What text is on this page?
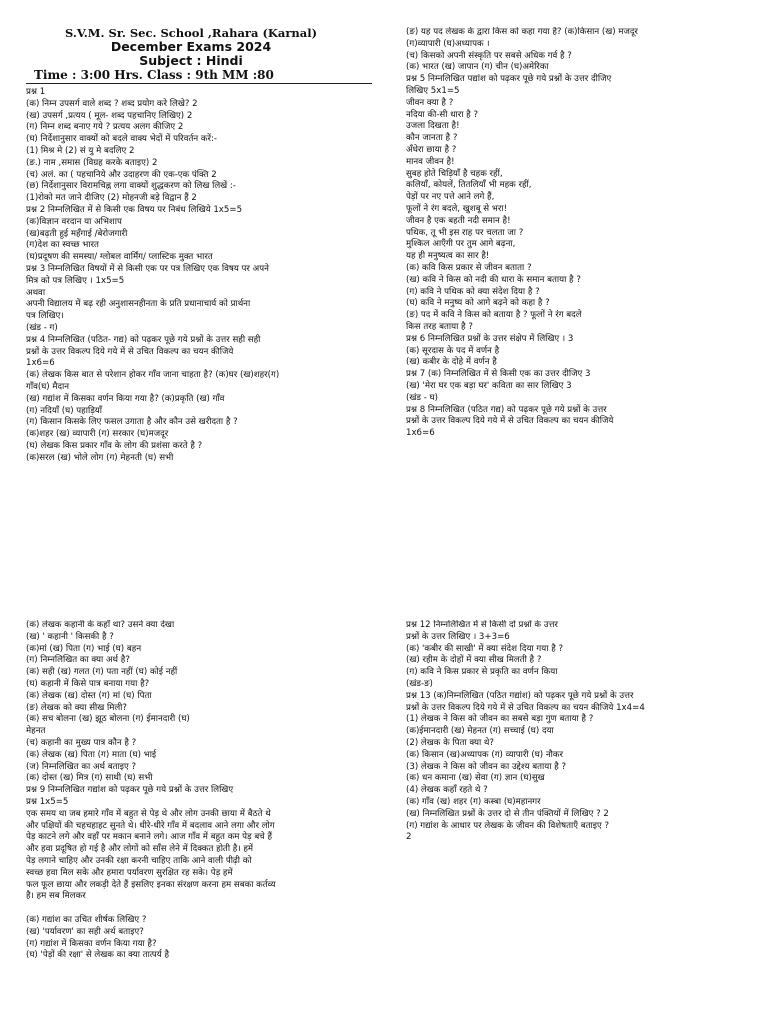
S.V.M. Sr. Sec. School ,Rahara (Karnal)
December Exams 2024
Subject : Hindi
Time : 3:00 Hrs. Class : 9th MM :80
प्रश्न 1
(क) निम्न उपसर्ग वाले शब्द ? शब्द प्रयोग करे लिखे? 2
(ख) उपसर्ग ,प्रत्यय ( मूल- शब्द पहचानिए लिखिए) 2
(ग) निम्न शब्द बनाए गये ? प्रत्यय अलग कीजिए 2
(घ) निर्देशानुसार वाक्यों को बदले वाक्य भेदों में परिवर्तन करें:-
(1) मिश्र मे (2) सं यु मे बदलिए 2
(ङ.) नाम ,समास (विग्रह करके बताइए) 2
(च) अलं. का ( पहचानिये और उदाहरण की एक-एक पंक्ति 2
(छ) निर्देशानुसार विरामचिह्न लगा वाक्यों शुद्धकरण को लिख लिखें :-
(1)रोको मत जाने दीजिए (2) मोहनजी बड़े विद्वान हैं 2
प्रश्न 2 निम्नलिखित में से किसी एक विषय पर निबंध लिखिये 1x5=5
(क)विज्ञान वरदान या अभिशाप
(ख)बढ़ती हुई महँगाई /बेरोजगारी
(ग)देश का स्वच्छ भारत
(घ)प्रदूषण की समस्या/ ग्लोबल वार्मिंग/ प्लास्टिक मुक्त भारत
प्रश्न 3 निम्नलिखित विषयों में से किसी एक पर पत्र लिखिए एक विषय पर अपने
मित्र को पत्र लिखिए । 1x5=5
अथवा
अपनी विद्यालय में बढ़ रही अनुशासनहीनता के प्रति प्रधानाचार्य को प्रार्थना
पत्र लिखिए।
(खंड - ग)
प्रश्न 4 निम्नलिखित (पठित- गद्य) को पढ़कर पूछे गये प्रश्नों के उत्तर सही सही
प्रश्नों के उत्तर विकल्प दिये गये में से उचित विकल्प का चयन कीजिये
1x6=6
(क) लेखक किस बात से परेशान होकर गाँव जाना चाहता है? (क)घर (ख)शहर(ग)
गाँव(घ) मैदान
(ख) गद्यांश में किसका वर्णन किया गया है? (क)प्रकृति (ख) गाँव
(ग) नदियाँ (घ) पहाड़ियाँ
(ग) किसान किसके लिए फसल उगाता है और कौन उसे खरीदता है ?
(क)शहर (ख) व्यापारी (ग) सरकार (घ)मजदूर
(घ) लेखक किस प्रकार गाँव के लोग की प्रशंसा करते है ?
(क)सरल (ख) भोले लोग (ग) मेहनती (घ) सभी
(ङ) यह पद लेखक के द्वारा किस को कहा गया है? (क)किसान (ख) मजदूर
(ग)व्यापारी (घ)अध्यापक ।
(च) किसको अपनी संस्कृति पर सबसे अधिक गर्व है ?
(क) भारत (ख) जापान (ग) चीन (घ)अमेरिका
प्रश्न 5 निम्नलिखित पद्यांश को पढ़कर पूछे गये प्रश्नों के उत्तर दीजिए
लिखिए 5x1=5
जीवन क्या है ?
नदिया की-सी धारा है ?
उजला दिखता है!
कौन जानता है ?
अँधेरा छाया है ?
मानव जीवन है!
सुबह होते चिड़ियाँ है चहक रहीं,
कलियाँ, कोयलें, तितलियाँ भी महक रहीं,
पेड़ों पर नए पत्ते आने लगे हैं,
फूलों ने रंग बदले, खुशबू से भरा!
जीवन है एक बहती नदी समान है!
पथिक, तू भी इस राह पर चलता जा ?
मुश्किल आएँगी पर तुम आगे बढ़ना,
यह ही मनुष्यत्व का सार है!
(क) कवि किस प्रकार से जीवन बताता ?
(ख) कवि ने किस को नदी की धारा के समान बताया है ?
(ग) कवि ने पथिक को क्या संदेश दिया है ?
(घ) कवि ने मनुष्य को आगे बढ़ने को कहा है ?
(ङ) पद में कवि ने किस को बताया है ? फूलों ने रंग बदले
किस तरह बताया है ?
प्रश्न 6 निम्नलिखित प्रश्नों के उत्तर संक्षेप में लिखिए । 3
(क) सूरदास के पद में वर्णन है
(ख) कबीर के दोहे में वर्णन है
प्रश्न 7 (क) निम्नलिखित में से किसी एक का उत्तर दीजिए 3
(ख) 'मेरा घर एक बड़ा घर' कविता का सार लिखिए 3
(खंड - घ)
प्रश्न 8 निम्नलिखित (पठित गद्य) को पढ़कर पूछे गये प्रश्नों के उत्तर
प्रश्नों के उत्तर विकल्प दिये गये में से उचित विकल्प का चयन कीजिये
1x6=6
(क) लेखक कहानी के कहाँ था? उसने क्या देखा
(ख) ' कहानी ' किसकी है ?
(क)मां (ख) पिता (ग) भाई (घ) बहन
(ग) निम्नलिखित का क्या अर्थ है?
(क) सही (ख) गलत (ग) पता नहीं (घ) कोई नहीं
(घ) कहानी में किसे पात्र बनाया गया है?
(क) लेखक (ख) दोस्त (ग) मां (घ) पिता
(ङ) लेखक को क्या सीख मिली?
(क) सच बोलना (ख) झूठ बोलना (ग) ईमानदारी (घ)
मेहनत
(च) कहानी का मुख्य पात्र कौन है ?
(क) लेखक (ख) पिता (ग) माता (घ) भाई
(ज) निम्नलिखित का अर्थ बताइए ?
(क) दोस्त (ख) मित्र (ग) साथी (घ) सभी
प्रश्न 9 निम्नलिखित गद्यांश को पढ़कर पूछे गये प्रश्नों के उत्तर लिखिए
प्रश्न 1x5=5
एक समय था जब हमारे गाँव में बहुत से पेड़ थे और लोग उनकी छाया में बैठते थे
और पक्षियों की चहचहाहट सुनते थे। धीरे-धीरे गाँव में बदलाव आने लगा और लोग
पेड़ काटने लगे और वहाँ पर मकान बनाने लगे। आज गाँव में बहुत कम पेड़ बचे हैं
और हवा प्रदूषित हो गई है और लोगों को साँस लेने में दिक्कत होती है। हमें
पेड़ लगाने चाहिए और उनकी रक्षा करनी चाहिए ताकि आने वाली पीढ़ी को
स्वच्छ हवा मिल सके और हमारा पर्यावरण सुरक्षित रह सके। पेड़ हमें
फल फूल छाया और लकड़ी देते हैं इसलिए इनका संरक्षण करना हम सबका कर्तव्य
है। हम सब मिलकर

(क) गद्यांश का उचित शीर्षक लिखिए ?
(ख) 'पर्यावरण' का सही अर्थ बताइए?
(ग) गद्यांश में किसका वर्णन किया गया है?
(घ) 'पेड़ों की रक्षा' से लेखक का क्या तात्पर्य है
प्रश्न 12 निम्नलिखित में से किसी दो प्रश्नों के उत्तर
प्रश्नों के उत्तर लिखिए । 3+3=6
(क) 'कबीर की साखी' में क्या संदेश दिया गया है ?
(ख) रहीम के दोहों में क्या सीख मिलती है ?
(ग) कवि ने किस प्रकार से प्रकृति का वर्णन किया
(खंड-ङ)
प्रश्न 13 (क)निम्नलिखित (पठित गद्यांश) को पढ़कर पूछे गये प्रश्नों के उत्तर
प्रश्नों के उत्तर विकल्प दिये गये में से उचित विकल्प का चयन कीजिये 1x4=4
(1) लेखक ने किस को जीवन का सबसे बड़ा गुण बताया है ?
(क)ईमानदारी (ख) मेहनत (ग) सच्चाई (घ) दया
(2) लेखक के पिता क्या थे?
(क) किसान (ख)अध्यापक (ग) व्यापारी (घ) नौकर
(3) लेखक ने किस को जीवन का उद्देश्य बताया है ?
(क) धन कमाना (ख) सेवा (ग) ज्ञान (घ)सुख
(4) लेखक कहाँ रहते थे ?
(क) गाँव (ख) शहर (ग) कस्बा (घ)महानगर
(ख) निम्नलिखित प्रश्नों के उत्तर दो से तीन पंक्तियों में लिखिए ? 2
(ग) गद्यांश के आधार पर लेखक के जीवन की विशेषताएँ बताइए ?
2
